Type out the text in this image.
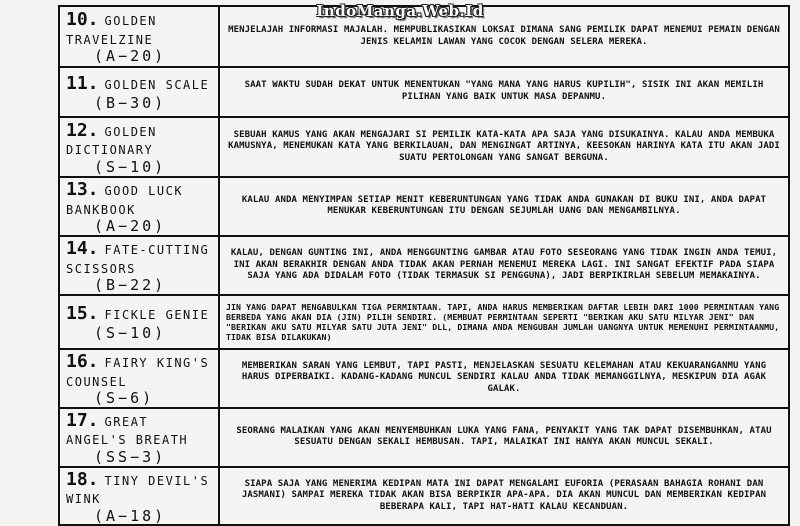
IndoManga.Web.Id
10. GOLDEN TRAVELZINE
(A−20)	MENJELAJAH INFORMASI MAJALAH. MEMPUBLIKASIKAN LOKSAI DIMANA SANG PEMILIK DAPAT MENEMUI PEMAIN DENGAN JENIS KELAMIN LAWAN YANG COCOK DENGAN SELERA MEREKA.
11. GOLDEN SCALE
(B−30)	SAAT WAKTU SUDAH DEKAT UNTUK MENENTUKAN "YANG MANA YANG HARUS KUPILIH", SISIK INI AKAN MEMILIH PILIHAN YANG BAIK UNTUK MASA DEPANMU.
12. GOLDEN DICTIONARY
(S−10)	SEBUAH KAMUS YANG AKAN MENGAJARI SI PEMILIK KATA-KATA APA SAJA YANG DISUKAINYA. KALAU ANDA MEMBUKA KAMUSNYA, MENEMUKAN KATA YANG BERKILAUAN, DAN MENGINGAT ARTINYA, KEESOKAN HARINYA KATA ITU AKAN JADI SUATU PERTOLONGAN YANG SANGAT BERGUNA.
13. GOOD LUCK BANKBOOK
(A−20)	KALAU ANDA MENYIMPAN SETIAP MENIT KEBERUNTUNGAN YANG TIDAK ANDA GUNAKAN DI BUKU INI, ANDA DAPAT MENUKAR KEBERUNTUNGAN ITU DENGAN SEJUMLAH UANG DAN MENGAMBILNYA.
14. FATE-CUTTING SCISSORS
(B−22)	KALAU, DENGAN GUNTING INI, ANDA MENGGUNTING GAMBAR ATAU FOTO SESEORANG YANG TIDAK INGIN ANDA TEMUI, INI AKAN BERAKHIR DENGAN ANDA TIDAK AKAN PERNAH MENEMUI MEREKA LAGI. INI SANGAT EFEKTIF PADA SIAPA SAJA YANG ADA DIDALAM FOTO (TIDAK TERMASUK SI PENGGUNA), JADI BERPIKIRLAH SEBELUM MEMAKAINYA.
15. FICKLE GENIE
(S−10)	JIN YANG DAPAT MENGABULKAN TIGA PERMINTAAN. TAPI, ANDA HARUS MEMBERIKAN DAFTAR LEBIH DARI 1000 PERMINTAAN YANG BERBEDA YANG AKAN DIA (JIN) PILIH SENDIRI. (MEMBUAT PERMINTAAN SEPERTI "BERIKAN AKU SATU MILYAR JENI" DAN "BERIKAN AKU SATU MILYAR SATU JUTA JENI" DLL, DIMANA ANDA MENGUBAH JUMLAH UANGNYA UNTUK MEMENUHI PERMINTAANMU, TIDAK BISA DILAKUKAN)
16. FAIRY KING'S COUNSEL
(S−6)	MEMBERIKAN SARAN YANG LEMBUT, TAPI PASTI, MENJELASKAN SESUATU KELEMAHAN ATAU KEKUARANGANMU YANG HARUS DIPERBAIKI. KADANG-KADANG MUNCUL SENDIRI KALAU ANDA TIDAK MEMANGGILNYA, MESKIPUN DIA AGAK GALAK.
17. GREAT ANGEL'S BREATH
(SS−3)	SEORANG MALAIKAN YANG AKAN MENYEMBUHKAN LUKA YANG FANA, PENYAKIT YANG TAK DAPAT DISEMBUHKAN, ATAU SESUATU DENGAN SEKALI HEMBUSAN. TAPI, MALAIKAT INI HANYA AKAN MUNCUL SEKALI.
18. TINY DEVIL'S WINK
(A−18)	SIAPA SAJA YANG MENERIMA KEDIPAN MATA INI DAPAT MENGALAMI EUFORIA (PERASAAN BAHAGIA ROHANI DAN JASMANI) SAMPAI MEREKA TIDAK AKAN BISA BERPIKIR APA-APA. DIA AKAN MUNCUL DAN MEMBERIKAN KEDIPAN BEBERAPA KALI, TAPI HAT-HATI KALAU KECANDUAN.
